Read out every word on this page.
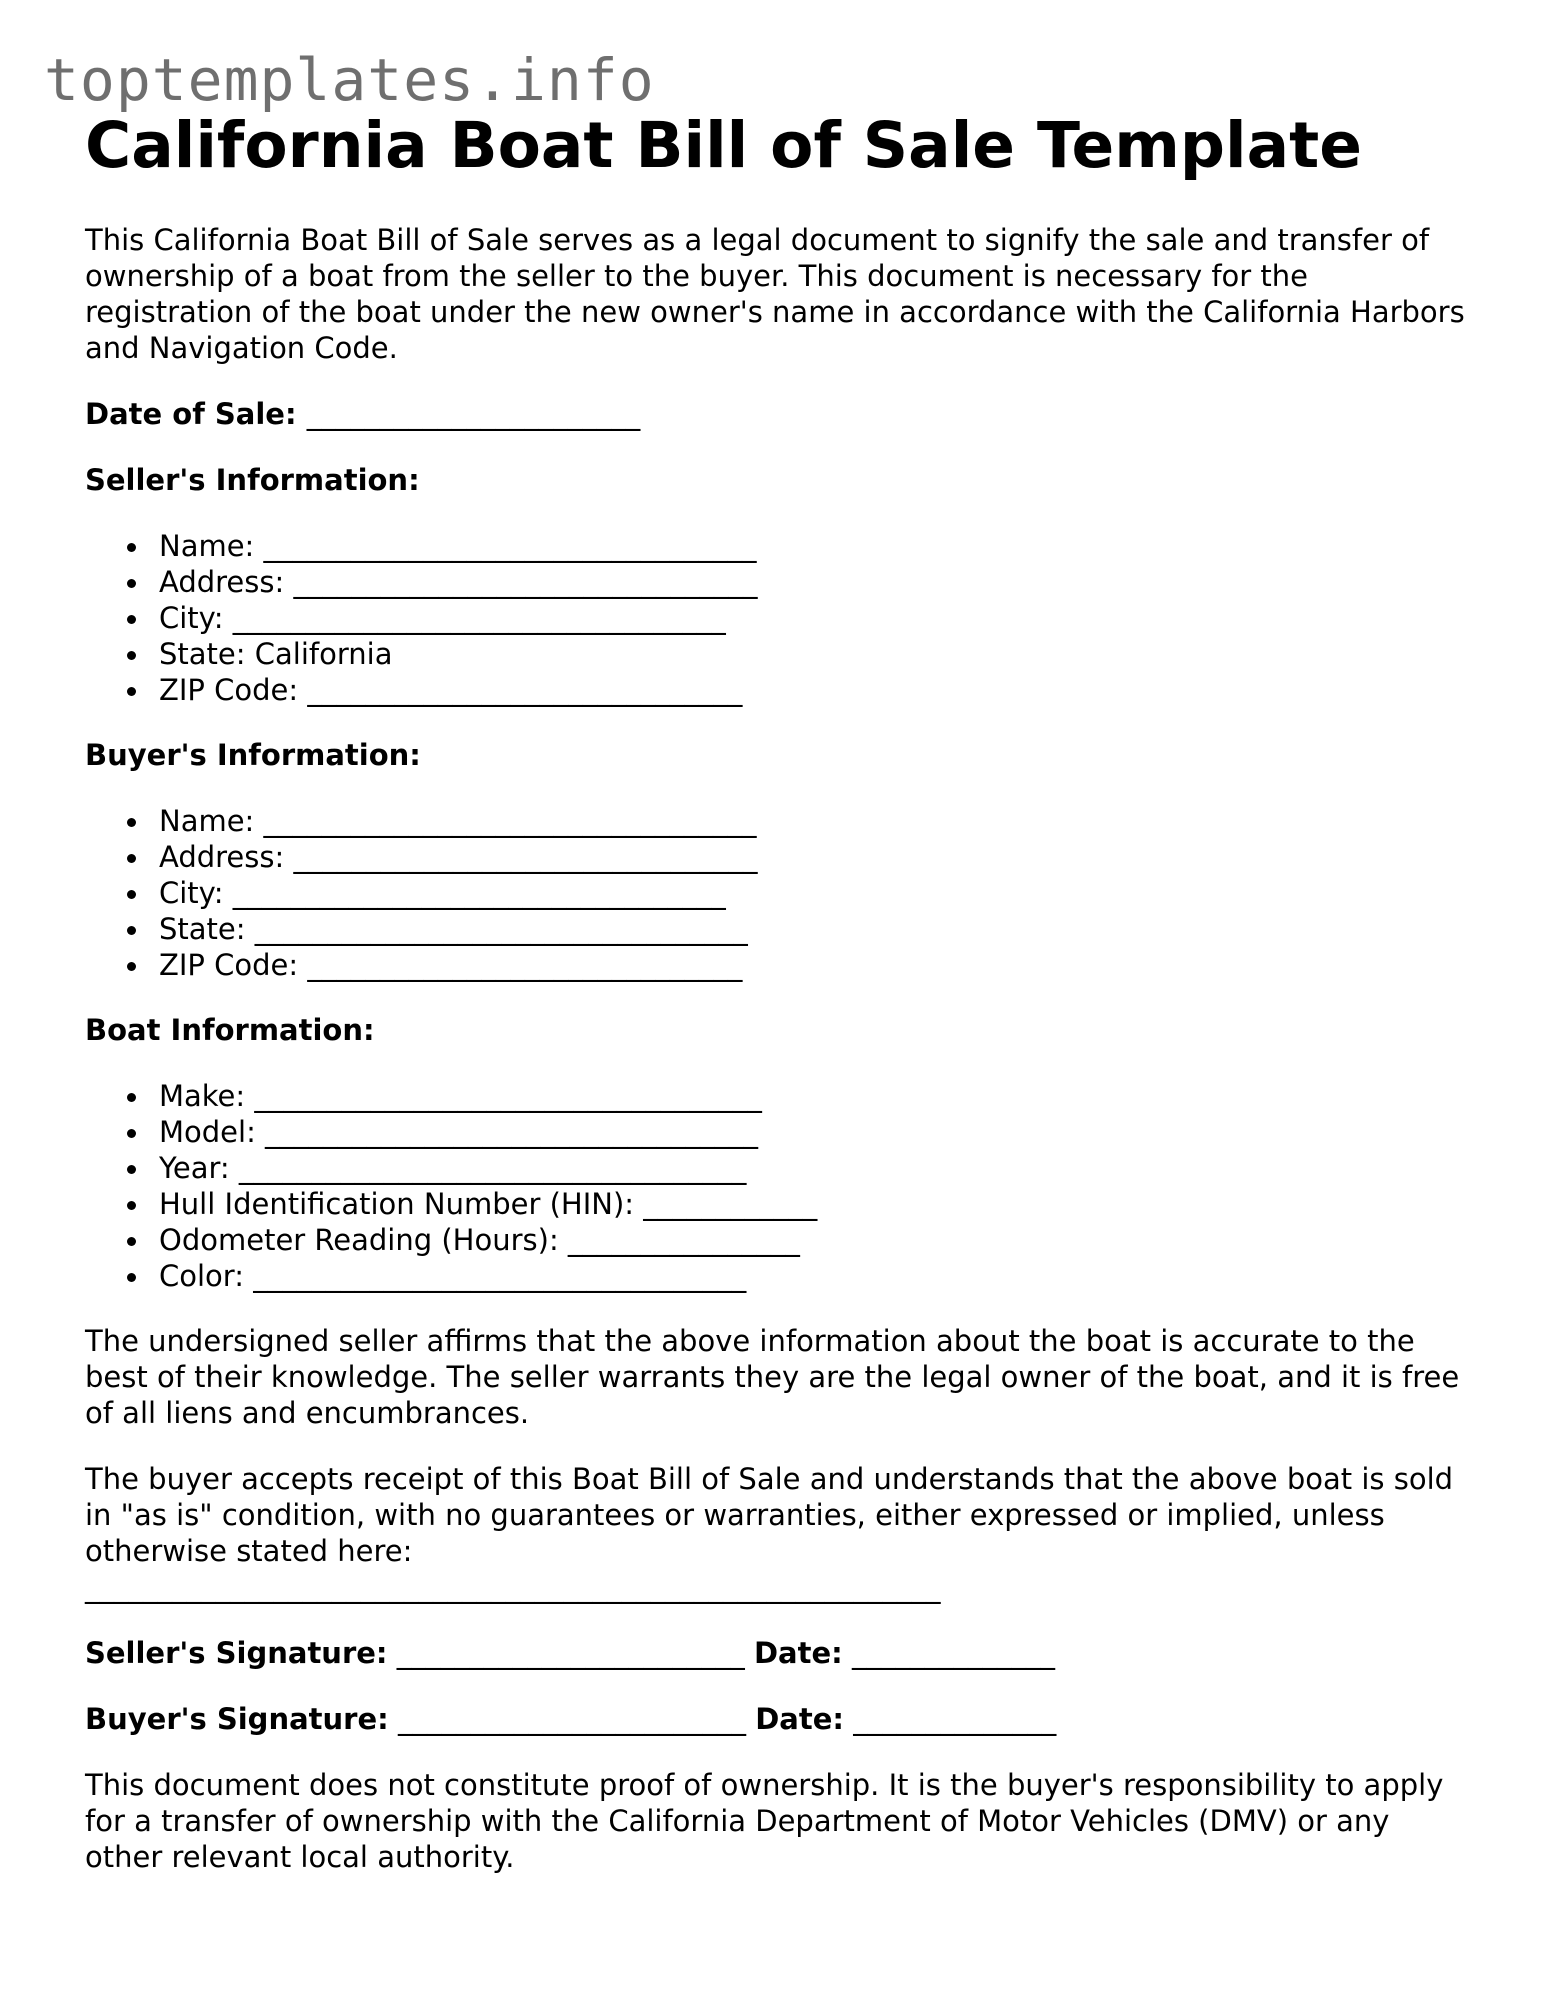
toptemplates.info
California Boat Bill of Sale Template

This California Boat Bill of Sale serves as a legal document to signify the sale and transfer of ownership of a boat from the seller to the buyer. This document is necessary for the registration of the boat under the new owner's name in accordance with the California Harbors and Navigation Code.

Date of Sale: _______________________
Seller's Information:
Name: __________________________________
Address: ________________________________
City: __________________________________
State: California
ZIP Code: ______________________________
Buyer's Information:
Name: __________________________________
Address: ________________________________
City: __________________________________
State: __________________________________
ZIP Code: ______________________________
Boat Information:
Make: ___________________________________
Model: __________________________________
Year: ___________________________________
Hull Identification Number (HIN): ____________
Odometer Reading (Hours): ________________
Color: __________________________________

The undersigned seller affirms that the above information about the boat is accurate to the best of their knowledge. The seller warrants they are the legal owner of the boat, and it is free of all liens and encumbrances.

The buyer accepts receipt of this Boat Bill of Sale and understands that the above boat is sold in "as is" condition, with no guarantees or warranties, either expressed or implied, unless otherwise stated here:

___________________________________________________________
Seller's Signature: ________________________ Date: ______________
Buyer's Signature: ________________________ Date: ______________

This document does not constitute proof of ownership. It is the buyer's responsibility to apply for a transfer of ownership with the California Department of Motor Vehicles (DMV) or any other relevant local authority.
